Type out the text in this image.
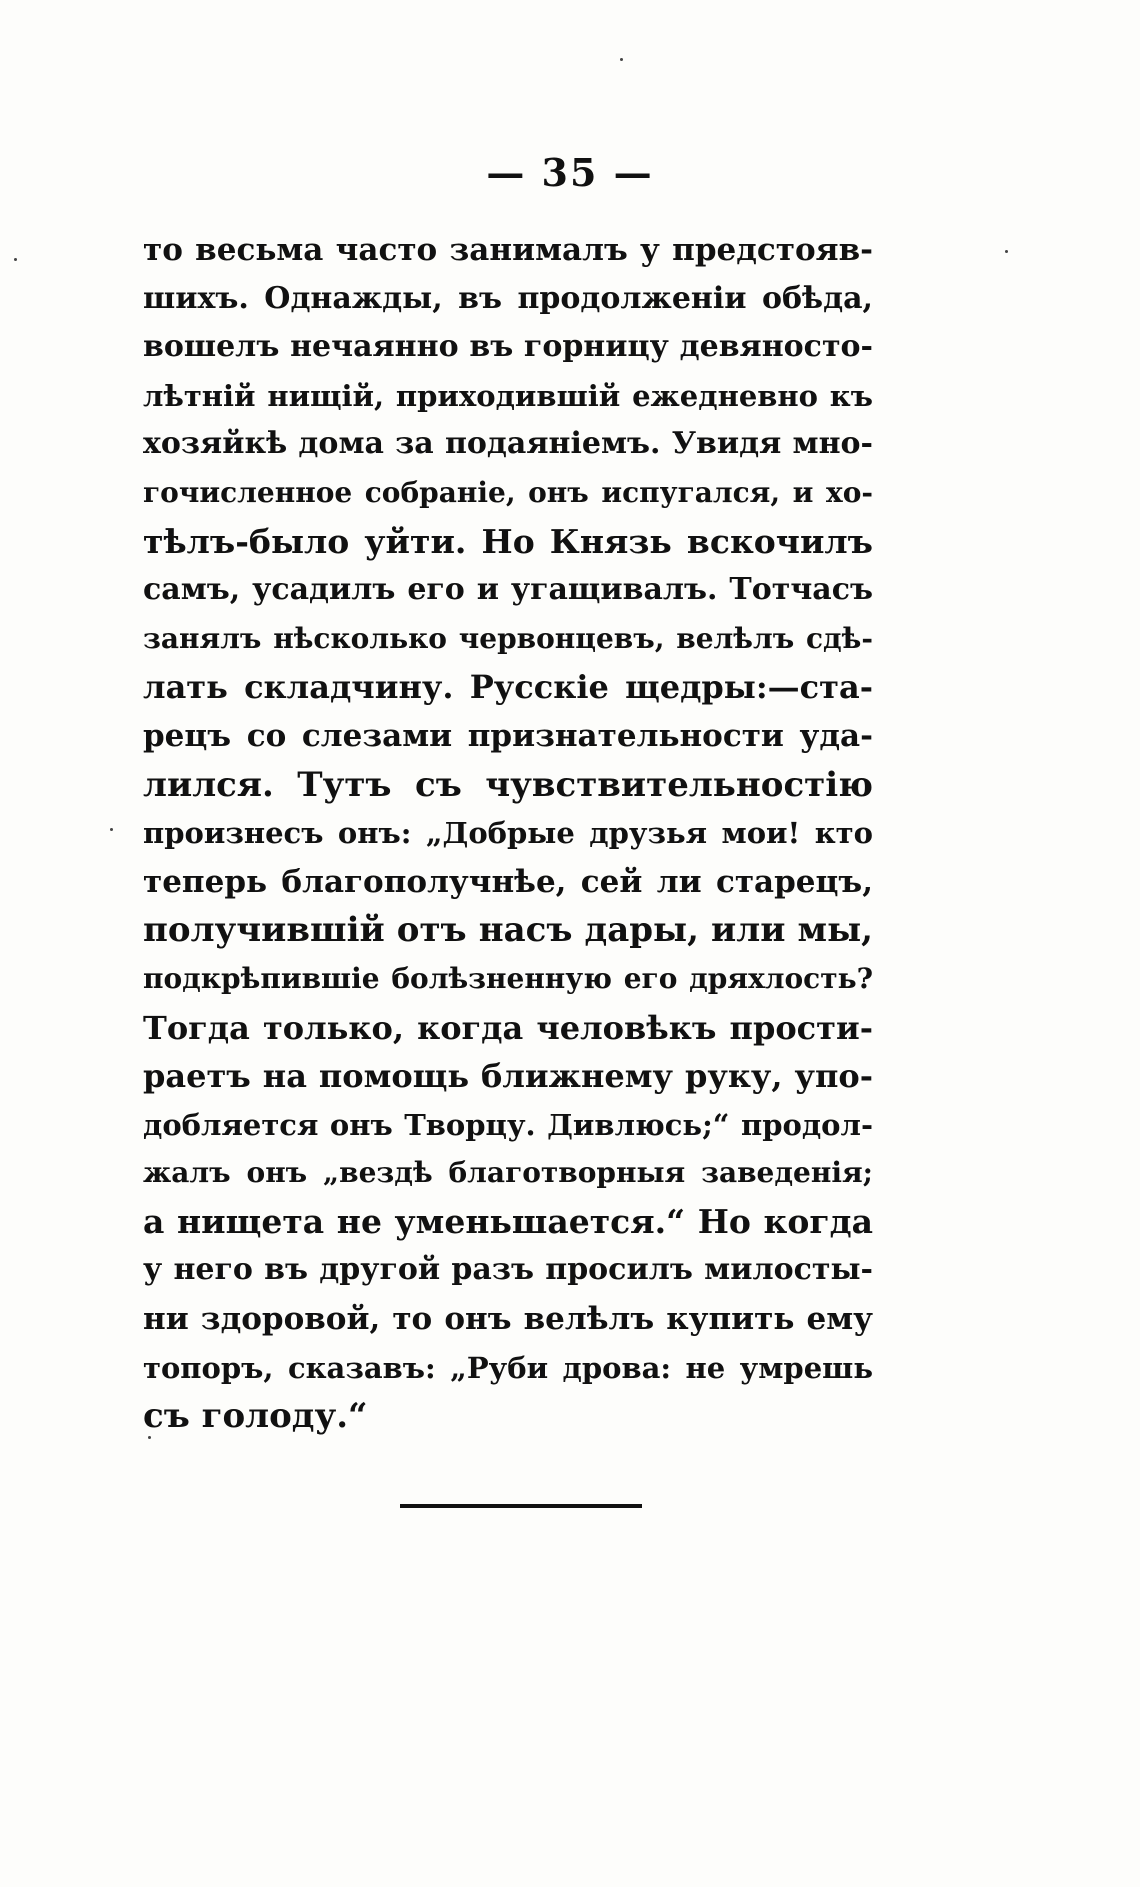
— 35 —
то весьма часто занималъ у предстояв-
шихъ. Однажды, въ продолженіи обѣда,
вошелъ нечаянно въ горницу девяносто-
лѣтній нищій, приходившій ежедневно къ
хозяйкѣ дома за подаяніемъ. Увидя мно-
гочисленное собраніе, онъ испугался, и хо-
тѣлъ-было уйти. Но Князь вскочилъ
самъ, усадилъ его и угащивалъ. Тотчасъ
занялъ нѣсколько червонцевъ, велѣлъ сдѣ-
лать складчину. Русскіе щедры:—ста-
рецъ со слезами признательности уда-
лился. Тутъ съ чувствительностію
произнесъ онъ: „Добрые друзья мои! кто
теперь благополучнѣе, сей ли старецъ,
получившій отъ насъ дары, или мы,
подкрѣпившіе болѣзненную его дряхлость?
Тогда только, когда человѣкъ прости-
раетъ на помощь ближнему руку, упо-
добляется онъ Творцу. Дивлюсь;“ продол-
жалъ онъ „вездѣ благотворныя заведенія;
а нищета не уменьшается.“ Но когда
у него въ другой разъ просилъ милосты-
ни здоровой, то онъ велѣлъ купить ему
топоръ, сказавъ: „Руби дрова: не умрешь
съ голоду.“
